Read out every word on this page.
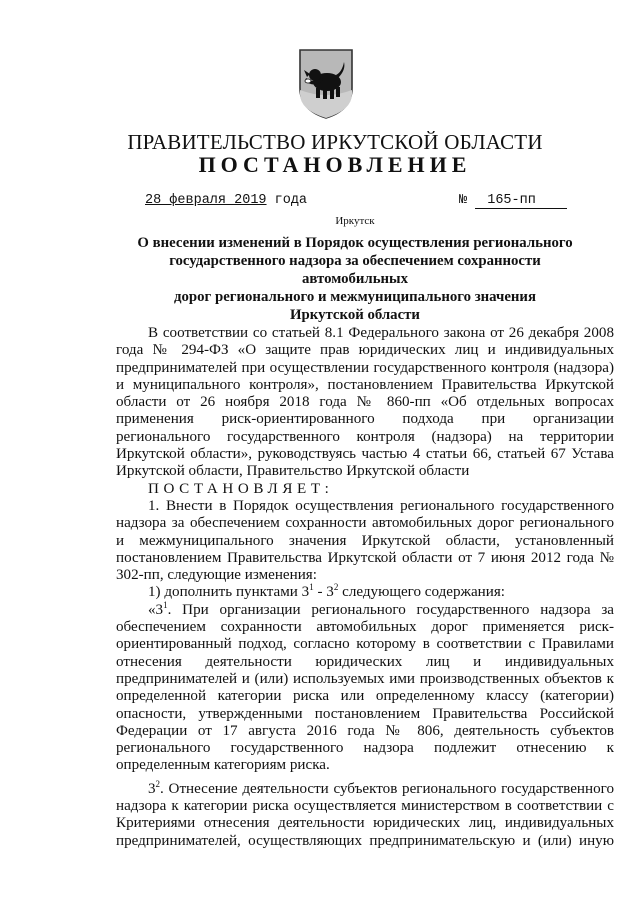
ПРАВИТЕЛЬСТВО ИРКУТСКОЙ ОБЛАСТИ
ПОСТАНОВЛЕНИЕ
28 февраля 2019 года	№ 165-пп
Иркутск
О внесении изменений в Порядок осуществления регионального
государственного надзора за обеспечением сохранности автомобильных
дорог регионального и межмуниципального значения
Иркутской области

В соответствии со статьей 8.1 Федерального закона от 26 декабря 2008 года № 294-ФЗ «О защите прав юридических лиц и индивидуальных предпринимателей при осуществлении государственного контроля (надзора) и муниципального контроля», постановлением Правительства Иркутской области от 26 ноября 2018 года № 860-пп «Об отдельных вопросах применения риск-ориентированного подхода при организации регионального государственного контроля (надзора) на территории Иркутской области», руководствуясь частью 4 статьи 66, статьей 67 Устава Иркутской области, Правительство Иркутской области

ПОСТАНОВЛЯЕТ:

1. Внести в Порядок осуществления регионального государственного надзора за обеспечением сохранности автомобильных дорог регионального и межмуниципального значения Иркутской области, установленный постановлением Правительства Иркутской области от 7 июня 2012 года № 302-пп, следующие изменения:

1) дополнить пунктами $3^1 - 3^2$ следующего содержания:

«$3^1$. При организации регионального государственного надзора за обеспечением сохранности автомобильных дорог применяется риск-ориентированный подход, согласно которому в соответствии с Правилами отнесения деятельности юридических лиц и индивидуальных предпринимателей и (или) используемых ими производственных объектов к определенной категории риска или определенному классу (категории) опасности, утвержденными постановлением Правительства Российской Федерации от 17 августа 2016 года № 806, деятельность субъектов регионального государственного надзора подлежит отнесению к определенным категориям риска.

$3^2$. Отнесение деятельности субъектов регионального государственного надзора к категории риска осуществляется министерством в соответствии с Критериями отнесения деятельности юридических лиц, индивидуальных предпринимателей, осуществляющих предпринимательскую и (или) иную
